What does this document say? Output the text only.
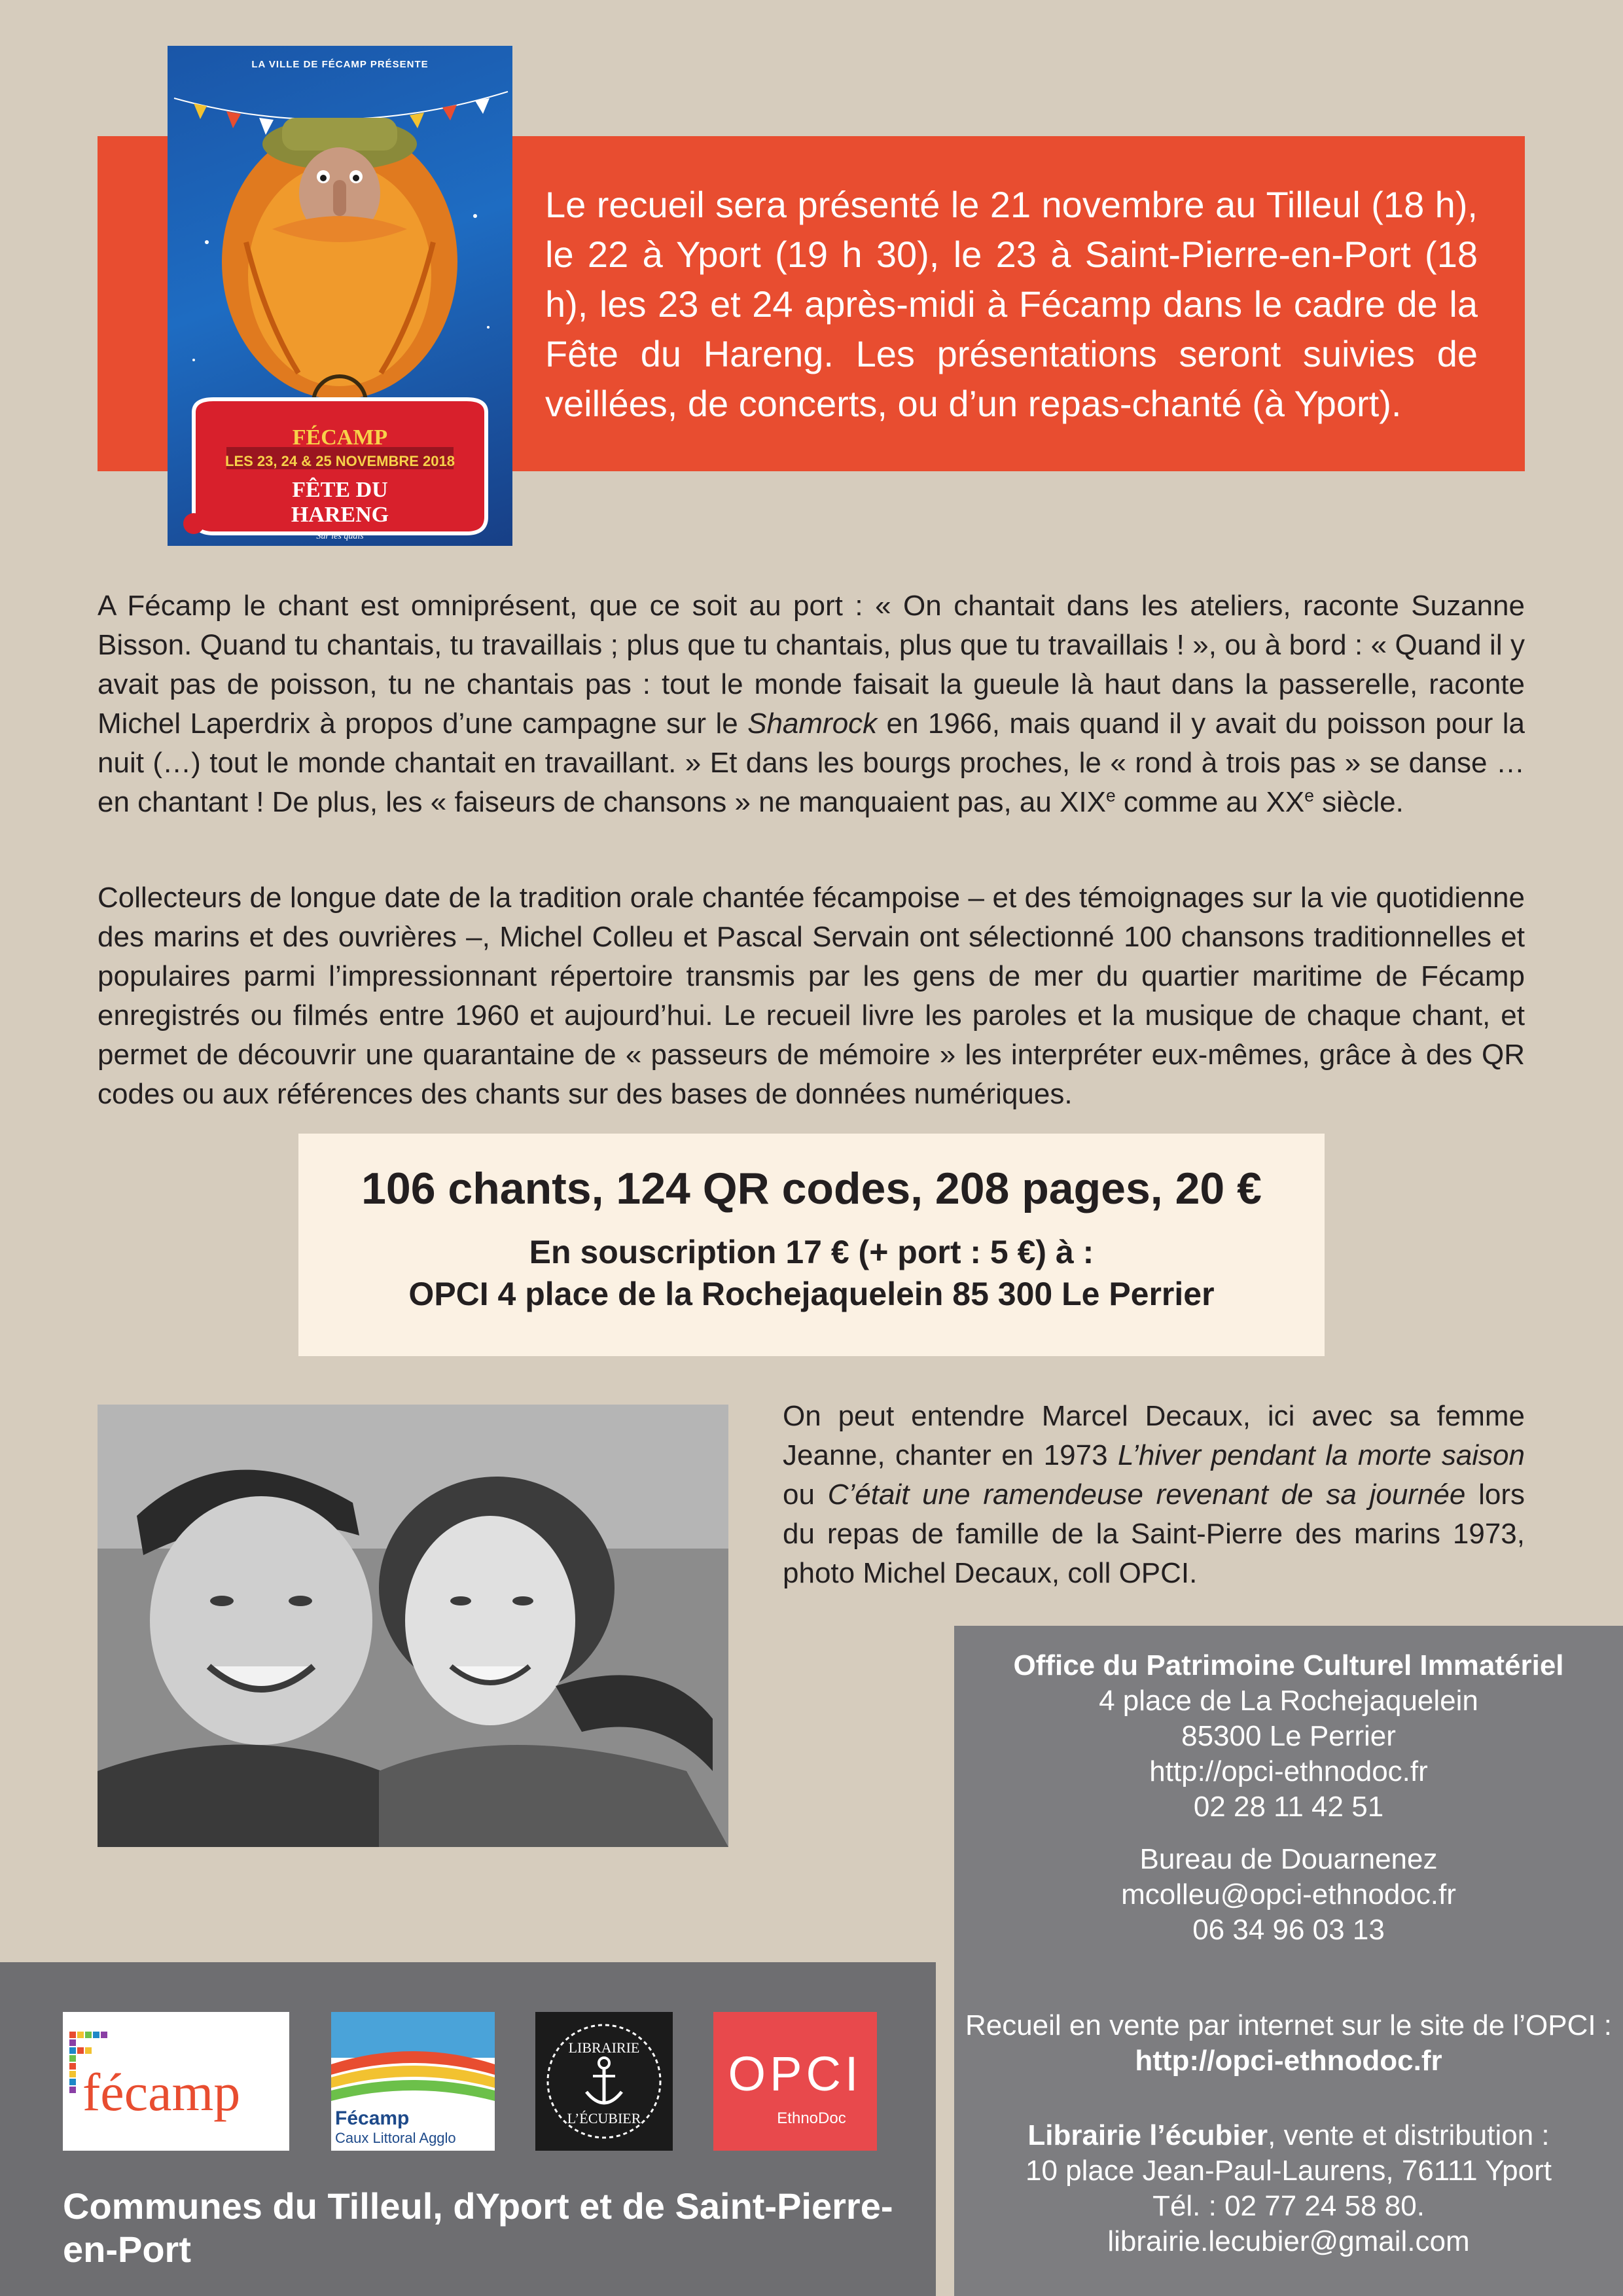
Le recueil sera présenté le 21 novembre au Tilleul (18 h), le 22 à Yport (19 h 30), le 23 à Saint-Pierre-en-Port (18 h), les 23 et 24 après-midi à Fécamp dans le cadre de la Fête du Hareng. Les présentations seront suivies de veillées, de concerts, ou d’un repas-chanté (à Yport).
LA VILLE DE FÉCAMP PRÉSENTE
FÉCAMP
LES 23, 24 & 25 NOVEMBRE 2018
FÊTE DU
HARENG
Sur les quais
A Fécamp le chant est omniprésent, que ce soit au port : « On chantait dans les ateliers, raconte Suzanne Bisson. Quand tu chantais, tu travaillais ; plus que tu chantais, plus que tu travaillais ! », ou à bord : « Quand il y avait pas de poisson, tu ne chantais pas : tout le monde faisait la gueule là haut dans la passerelle, raconte Michel Laperdrix à propos d’une campagne sur le Shamrock en 1966, mais quand il y avait du poisson pour la nuit (…) tout le monde chantait en travaillant. » Et dans les bourgs proches, le « rond à trois pas » se danse …en chantant ! De plus, les « faiseurs de chansons » ne manquaient pas, au XIXe comme au XXe siècle.
Collecteurs de longue date de la tradition orale chantée fécampoise – et des témoignages sur la vie quotidienne des marins et des ouvrières –, Michel Colleu et Pascal Servain ont sélectionné 100 chansons traditionnelles et populaires parmi l’impressionnant répertoire transmis par les gens de mer du quartier maritime de Fécamp enregistrés ou filmés entre 1960 et aujourd’hui. Le recueil livre les paroles et la musique de chaque chant, et permet de découvrir une quarantaine de « passeurs de mémoire » les interpréter eux-mêmes, grâce à des QR codes ou aux références des chants sur des bases de données numériques.
106 chants, 124 QR codes, 208 pages, 20 €
En souscription 17 € (+ port : 5 €) à :
OPCI 4 place de la Rochejaquelein 85 300 Le Perrier
On peut entendre Marcel Decaux, ici avec sa femme Jeanne, chanter en 1973 L’hiver pendant la morte saison ou C’était une ramendeuse revenant de sa journée lors du repas de famille de la Saint-Pierre des marins 1973, photo Michel Decaux, coll OPCI.
Office du Patrimoine Culturel Immatériel
4 place de La Rochejaquelein
85300 Le Perrier
http://opci-ethnodoc.fr
02 28 11 42 51
Bureau de Douarnenez
mcolleu@opci-ethnodoc.fr
06 34 96 03 13
Recueil en vente par internet sur le site de l’OPCI :
http://opci-ethnodoc.fr
Librairie l’écubier, vente et distribution :
10 place Jean-Paul-Laurens, 76111 Yport
Tél. : 02 77 24 58 80.
librairie.lecubier@gmail.com
fécamp	Fécamp
Caux Littoral Agglo
LIBRAIRIE
L’ÉCUBIER
OPCI
EthnoDoc
Communes du Tilleul, dYport et de Saint-Pierre-en-Port
